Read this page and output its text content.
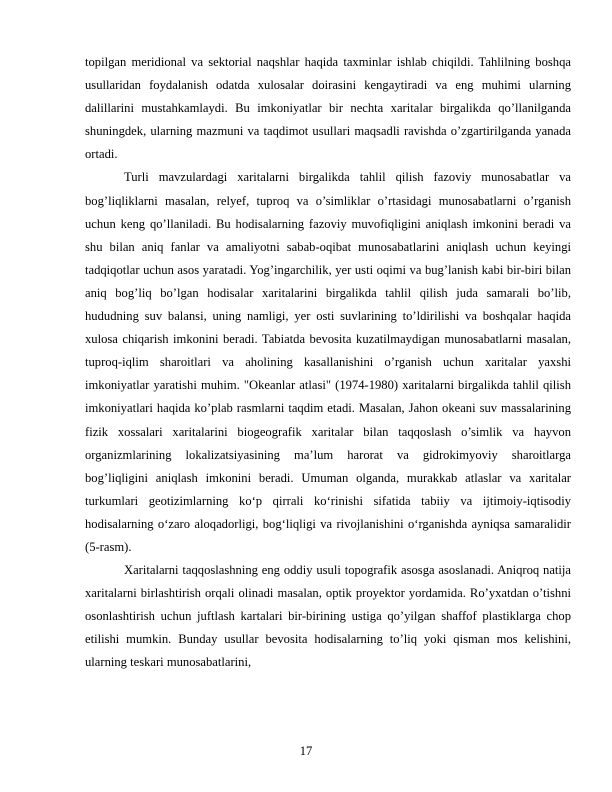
topilgan meridional va sektorial naqshlar haqida taxminlar ishlab chiqildi. Tahlilning boshqa usullaridan foydalanish odatda xulosalar doirasini kengaytiradi va eng muhimi ularning dalillarini mustahkamlaydi. Bu imkoniyatlar bir nechta xaritalar birgalikda qo’llanilganda shuningdek, ularning mazmuni va taqdimot usullari maqsadli ravishda o’zgartirilganda yanada ortadi.

Turli mavzulardagi xaritalarni birgalikda tahlil qilish fazoviy munosabatlar va bog’liqliklarni masalan, relyef, tuproq va o’simliklar o’rtasidagi munosabatlarni o’rganish uchun keng qo’llaniladi. Bu hodisalarning fazoviy muvofiqligini aniqlash imkonini beradi va shu bilan aniq fanlar va amaliyotni sabab-oqibat munosabatlarini aniqlash uchun keyingi tadqiqotlar uchun asos yaratadi. Yog’ingarchilik, yer usti oqimi va bug’lanish kabi bir-biri bilan aniq bog’liq bo’lgan hodisalar xaritalarini birgalikda tahlil qilish juda samarali bo’lib, hududning suv balansi, uning namligi, yer osti suvlarining to’ldirilishi va boshqalar haqida xulosa chiqarish imkonini beradi. Tabiatda bevosita kuzatilmaydigan munosabatlarni masalan, tuproq-iqlim sharoitlari va aholining kasallanishini o’rganish uchun xaritalar yaxshi imkoniyatlar yaratishi muhim. "Okeanlar atlasi" (1974-1980) xaritalarni birgalikda tahlil qilish imkoniyatlari haqida ko’plab rasmlarni taqdim etadi. Masalan, Jahon okeani suv massalarining fizik xossalari xaritalarini biogeografik xaritalar bilan taqqoslash o’simlik va hayvon organizmlarining lokalizatsiyasining ma’lum harorat va gidrokimyoviy sharoitlarga bog’liqligini aniqlash imkonini beradi. Umuman olganda, murakkab atlaslar va xaritalar turkumlari geotizimlarning ko‘p qirrali ko‘rinishi sifatida tabiiy va ijtimoiy-iqtisodiy hodisalarning o‘zaro aloqadorligi, bog‘liqligi va rivojlanishini o‘rganishda ayniqsa samaralidir (5-rasm).

Xaritalarni taqqoslashning eng oddiy usuli topografik asosga asoslanadi. Aniqroq natija xaritalarni birlashtirish orqali olinadi masalan, optik proyektor yordamida. Ro’yxatdan o’tishni osonlashtirish uchun juftlash kartalari bir-birining ustiga qo’yilgan shaffof plastiklarga chop etilishi mumkin. Bunday usullar bevosita hodisalarning to’liq yoki qisman mos kelishini, ularning teskari munosabatlarini,

17
